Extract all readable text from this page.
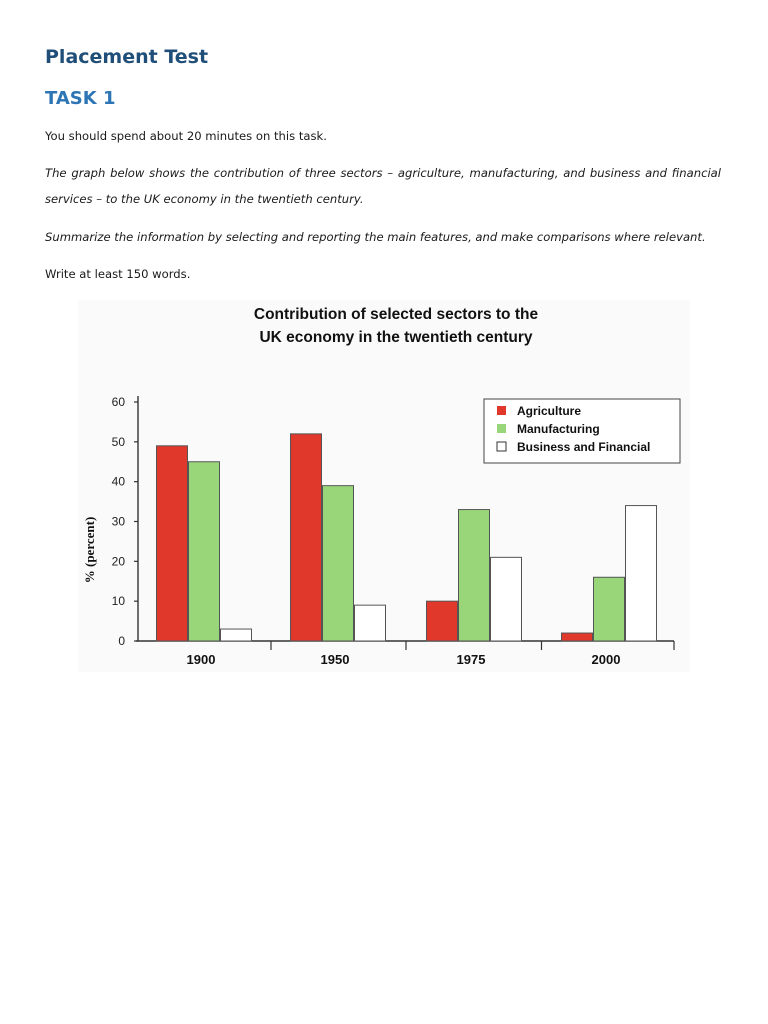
Placement Test
TASK 1

You should spend about 20 minutes on this task.

The graph below shows the contribution of three sectors – agriculture, manufacturing, and business and financial services – to the UK economy in the twentieth century.

Summarize the information by selecting and reporting the main features, and make comparisons where relevant.

Write at least 150 words.

Contribution of selected sectors to the
UK economy in the twentieth century
% (percent)
0
10
20
30
40
50
60
1900	1950	1975	2000
Agriculture
Manufacturing
Business and Financial
